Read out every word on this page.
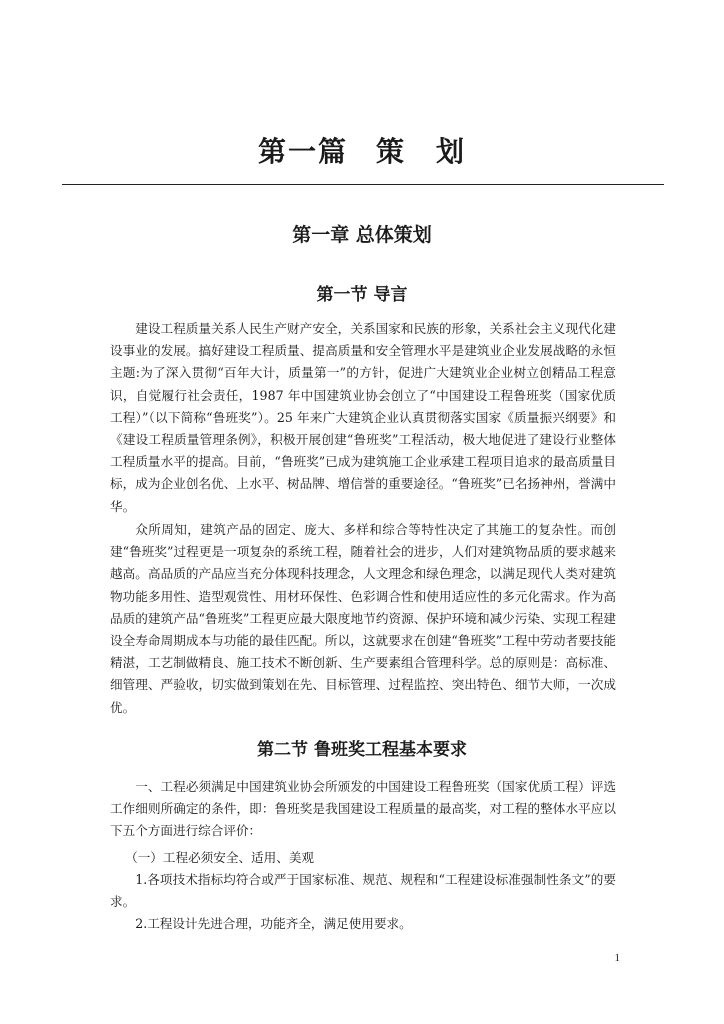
第一篇 策　划
第一章 总体策划
第一节 导言

建设工程质量关系人民生产财产安全，关系国家和民族的形象，关系社会主义现代化建设事业的发展。搞好建设工程质量、提高质量和安全管理水平是建筑业企业发展战略的永恒主题:为了深入贯彻“百年大计，质量第一”的方针，促进广大建筑业企业树立创精品工程意识，自觉履行社会责任，1987 年中国建筑业协会创立了“中国建设工程鲁班奖（国家优质工程）”（以下简称“鲁班奖”）。25 年来广大建筑企业认真贯彻落实国家《质量振兴纲要》和《建设工程质量管理条例》，积极开展创建“鲁班奖”工程活动，极大地促进了建设行业整体工程质量水平的提高。目前，“鲁班奖”已成为建筑施工企业承建工程项目追求的最高质量目标，成为企业创名优、上水平、树品牌、增信誉的重要途径。“鲁班奖”已名扬神州，誉满中华。

众所周知，建筑产品的固定、庞大、多样和综合等特性决定了其施工的复杂性。而创建“鲁班奖”过程更是一项复杂的系统工程，随着社会的进步，人们对建筑物品质的要求越来越高。高品质的产品应当充分体现科技理念，人文理念和绿色理念，以满足现代人类对建筑物功能多用性、造型观赏性、用材环保性、色彩调合性和使用适应性的多元化需求。作为高品质的建筑产品“鲁班奖”工程更应最大限度地节约资源、保护环境和减少污染、实现工程建设全寿命周期成本与功能的最佳匹配。所以，这就要求在创建“鲁班奖”工程中劳动者要技能精湛，工艺制做精良、施工技术不断创新、生产要素组合管理科学。总的原则是：高标准、细管理、严验收，切实做到策划在先、目标管理、过程监控、突出特色、细节大师，一次成优。

第二节 鲁班奖工程基本要求

一、工程必须满足中国建筑业协会所颁发的中国建设工程鲁班奖（国家优质工程）评选工作细则所确定的条件，即：鲁班奖是我国建设工程质量的最高奖，对工程的整体水平应以下五个方面进行综合评价：

（一）工程必须安全、适用、美观

1.各项技术指标均符合或严于国家标准、规范、规程和“工程建设标准强制性条文”的要求。

2.工程设计先进合理，功能齐全，满足使用要求。

1
